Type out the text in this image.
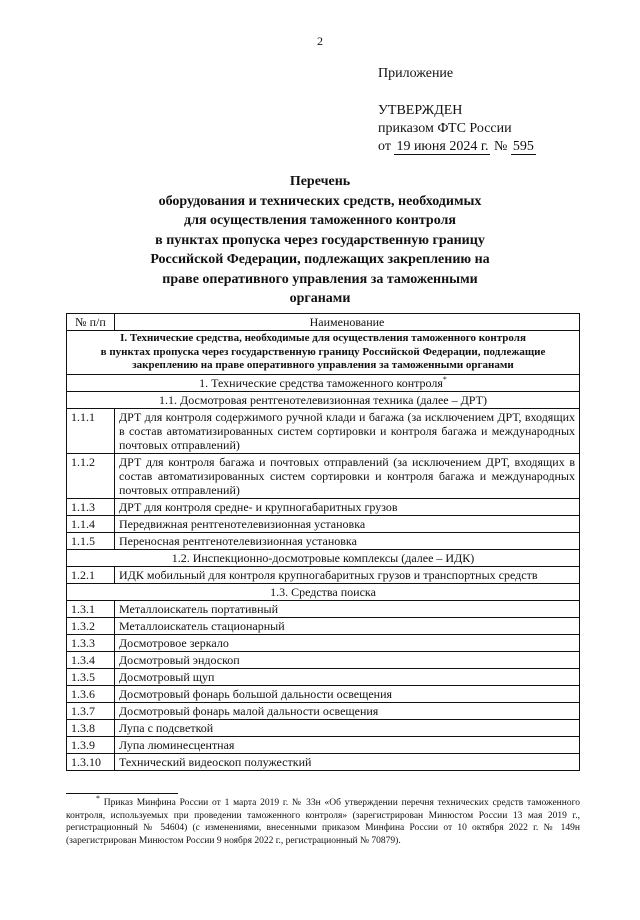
2
Приложение
УТВЕРЖДЕН
приказом ФТС России
от 19 июня 2024 г. № 595
Перечень
оборудования и технических средств, необходимых
для осуществления таможенного контроля
в пунктах пропуска через государственную границу
Российской Федерации, подлежащих закреплению на
праве оперативного управления за таможенными
органами
№ п/п	Наименование

I. Технические средства, необходимые для осуществления таможенного контроля
в пунктах пропуска через государственную границу Российской Федерации, подлежащие
закреплению на праве оперативного управления за таможенными органами	

1. Технические средства таможенного контроля*
1.1. Досмотровая рентгенотелевизионная техника (далее – ДРТ)	
1.1.1	ДРТ для контроля содержимого ручной клади и багажа (за исключением ДРТ, входящих в состав автоматизированных систем сортировки и контроля багажа и международных почтовых отправлений)
1.1.2	ДРТ для контроля багажа и почтовых отправлений (за исключением ДРТ, входящих в состав автоматизированных систем сортировки и контроля багажа и международных почтовых отправлений)
1.1.3	ДРТ для контроля средне- и крупногабаритных грузов
1.1.4	Передвижная рентгенотелевизионная установка
1.1.5	Переносная рентгенотелевизионная установка
1.2. Инспекционно-досмотровые комплексы (далее – ИДК)	
1.2.1	ИДК мобильный для контроля крупногабаритных грузов и транспортных средств
1.3. Средства поиска	
1.3.1	Металлоискатель портативный
1.3.2	Металлоискатель стационарный
1.3.3	Досмотровое зеркало
1.3.4	Досмотровый эндоскоп
1.3.5	Досмотровый щуп
1.3.6	Досмотровый фонарь большой дальности освещения
1.3.7	Досмотровый фонарь малой дальности освещения
1.3.8	Лупа с подсветкой
1.3.9	Лупа люминесцентная
1.3.10	Технический видеоскоп полужесткий
* Приказ Минфина России от 1 марта 2019 г. № 33н «Об утверждении перечня технических средств таможенного контроля, используемых при проведении таможенного контроля» (зарегистрирован Минюстом России 13 мая 2019 г., регистрационный № 54604) (с изменениями, внесенными приказом Минфина России от 10 октября 2022 г. № 149н (зарегистрирован Минюстом России 9 ноября 2022 г., регистрационный № 70879).
